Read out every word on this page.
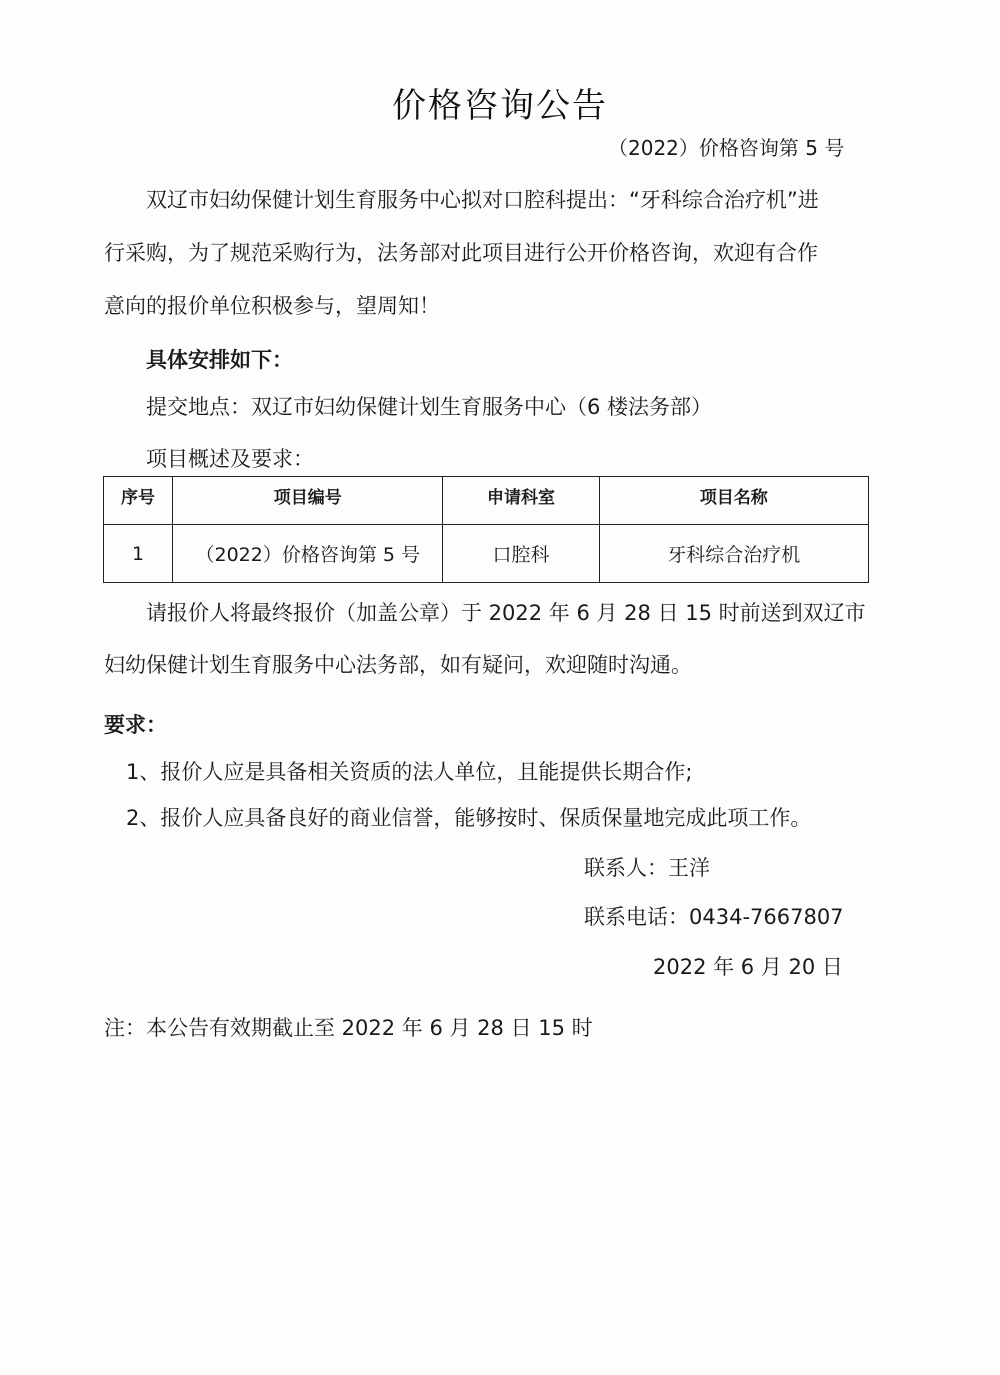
价格咨询公告
（2022）价格咨询第 5 号
双辽市妇幼保健计划生育服务中心拟对口腔科提出：“牙科综合治疗机”进
行采购，为了规范采购行为，法务部对此项目进行公开价格咨询，欢迎有合作
意向的报价单位积极参与，望周知！
具体安排如下：
提交地点：双辽市妇幼保健计划生育服务中心（6 楼法务部）
项目概述及要求：
序号	项目编号	申请科室	项目名称
1	（2022）价格咨询第 5 号	口腔科	牙科综合治疗机
请报价人将最终报价（加盖公章）于 2022 年 6 月 28 日 15 时前送到双辽市
妇幼保健计划生育服务中心法务部，如有疑问，欢迎随时沟通。
要求：
1、报价人应是具备相关资质的法人单位，且能提供长期合作;
2、报价人应具备良好的商业信誉，能够按时、保质保量地完成此项工作。
联系人：王洋
联系电话：0434-7667807
2022 年 6 月 20 日
注：本公告有效期截止至 2022 年 6 月 28 日 15 时
